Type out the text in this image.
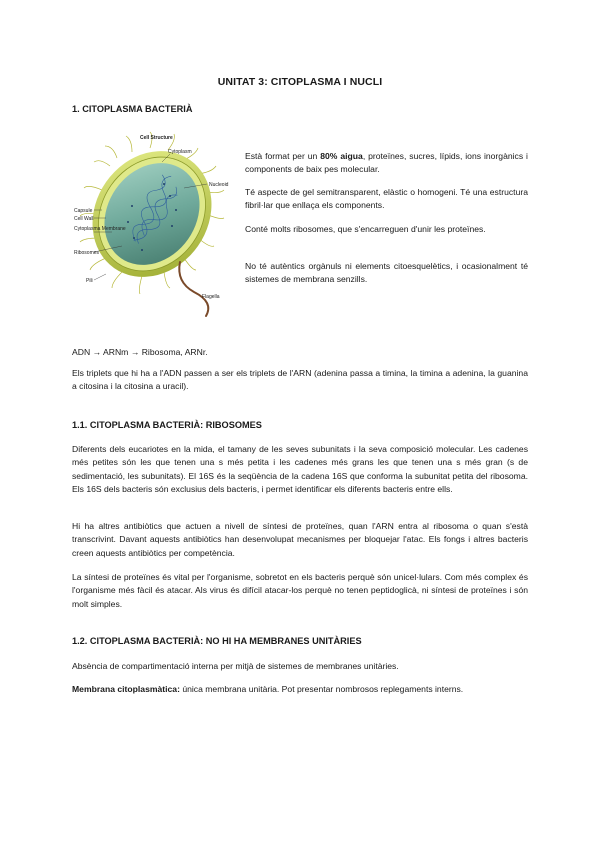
UNITAT 3: CITOPLASMA I NUCLI
1. CITOPLASMA BACTERIÀ
Cell Structure
Cytoplasm
Nucleoid
Capsule
Cell Wall
Cytoplasma Membrane
Ribosomes
Pili
Flagella

Està format per un 80% aigua, proteïnes, sucres, lípids, ions inorgànics i components de baix pes molecular.

Té aspecte de gel semitransparent, elàstic o homogeni. Té una estructura fibril·lar que enllaça els components.

Conté molts ribosomes, que s'encarreguen d'unir les proteïnes.

No té autèntics orgànuls ni elements citoesquelètics, i ocasionalment té sistemes de membrana senzills.

ADN → ARNm → Ribosoma, ARNr.

Els triplets que hi ha a l'ADN passen a ser els triplets de l'ARN (adenina passa a timina, la timina a adenina, la guanina a citosina i la citosina a uracil).

1.1. CITOPLASMA BACTERIÀ: RIBOSOMES

Diferents dels eucariotes en la mida, el tamany de les seves subunitats i la seva composició molecular. Les cadenes més petites són les que tenen una s més petita i les cadenes més grans les que tenen una s més gran (s de sedimentació, les subunitats). El 16S és la seqüència de la cadena 16S que conforma la subunitat petita del ribosoma. Els 16S dels bacteris són exclusius dels bacteris, i permet identificar els diferents bacteris entre ells.

Hi ha altres antibiòtics que actuen a nivell de síntesi de proteïnes, quan l'ARN entra al ribosoma o quan s'està transcrivint. Davant aquests antibiòtics han desenvolupat mecanismes per bloquejar l'atac. Els fongs i altres bacteris creen aquests antibiòtics per competència.

La síntesi de proteïnes és vital per l'organisme, sobretot en els bacteris perquè són unicel·lulars. Com més complex és l'organisme més fàcil és atacar. Als virus és difícil atacar-los perquè no tenen peptidoglicà, ni síntesi de proteïnes i són molt simples.

1.2. CITOPLASMA BACTERIÀ: NO HI HA MEMBRANES UNITÀRIES

Absència de compartimentació interna per mitjà de sistemes de membranes unitàries.

Membrana citoplasmàtica: única membrana unitària. Pot presentar nombrosos replegaments interns.
